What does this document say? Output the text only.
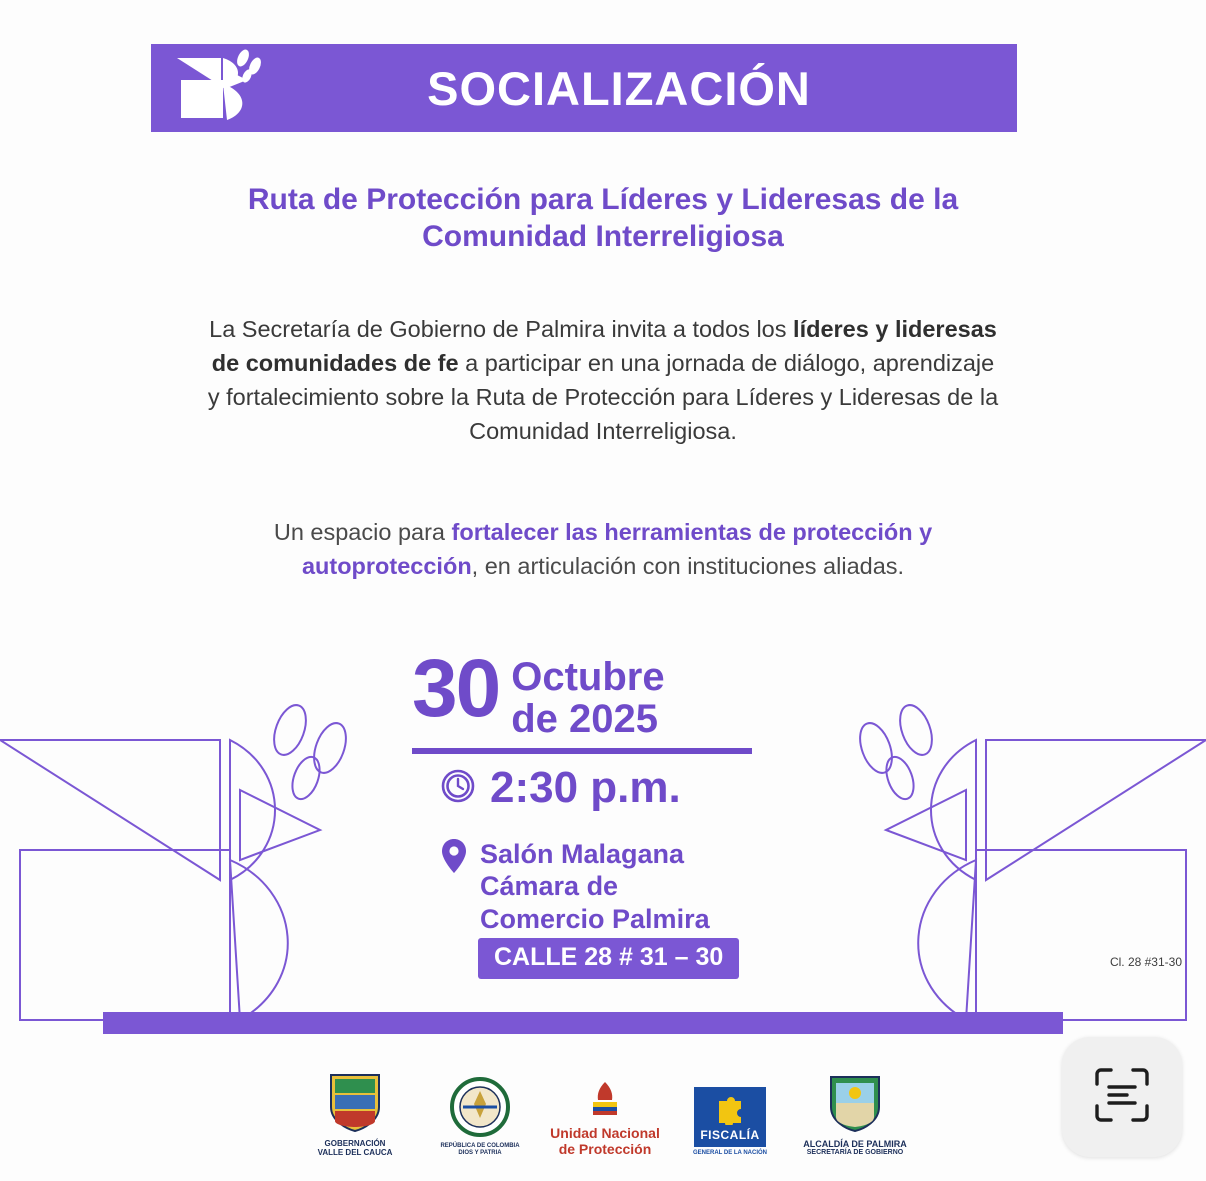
SOCIALIZACIÓN
Ruta de Protección para Líderes y Lideresas de la Comunidad Interreligiosa
La Secretaría de Gobierno de Palmira invita a todos los líderes y lideresas de comunidades de fe a participar en una jornada de diálogo, aprendizaje y fortalecimiento sobre la Ruta de Protección para Líderes y Lideresas de la Comunidad Interreligiosa.
Un espacio para fortalecer las herramientas de protección y autoprotección, en articulación con instituciones aliadas.
30 Octubre
de 2025
2:30 p.m.
Salón Malagana
Cámara de
Comercio Palmira
CALLE 28 # 31 – 30	Cl. 28 #31-30
GOBERNACIÓN
VALLE DEL CAUCA
REPÚBLICA DE COLOMBIA
DIOS Y PATRIA
Unidad Nacional
de Protección
FISCALÍA
GENERAL DE LA NACIÓN
ALCALDÍA DE PALMIRA
SECRETARÍA DE GOBIERNO
